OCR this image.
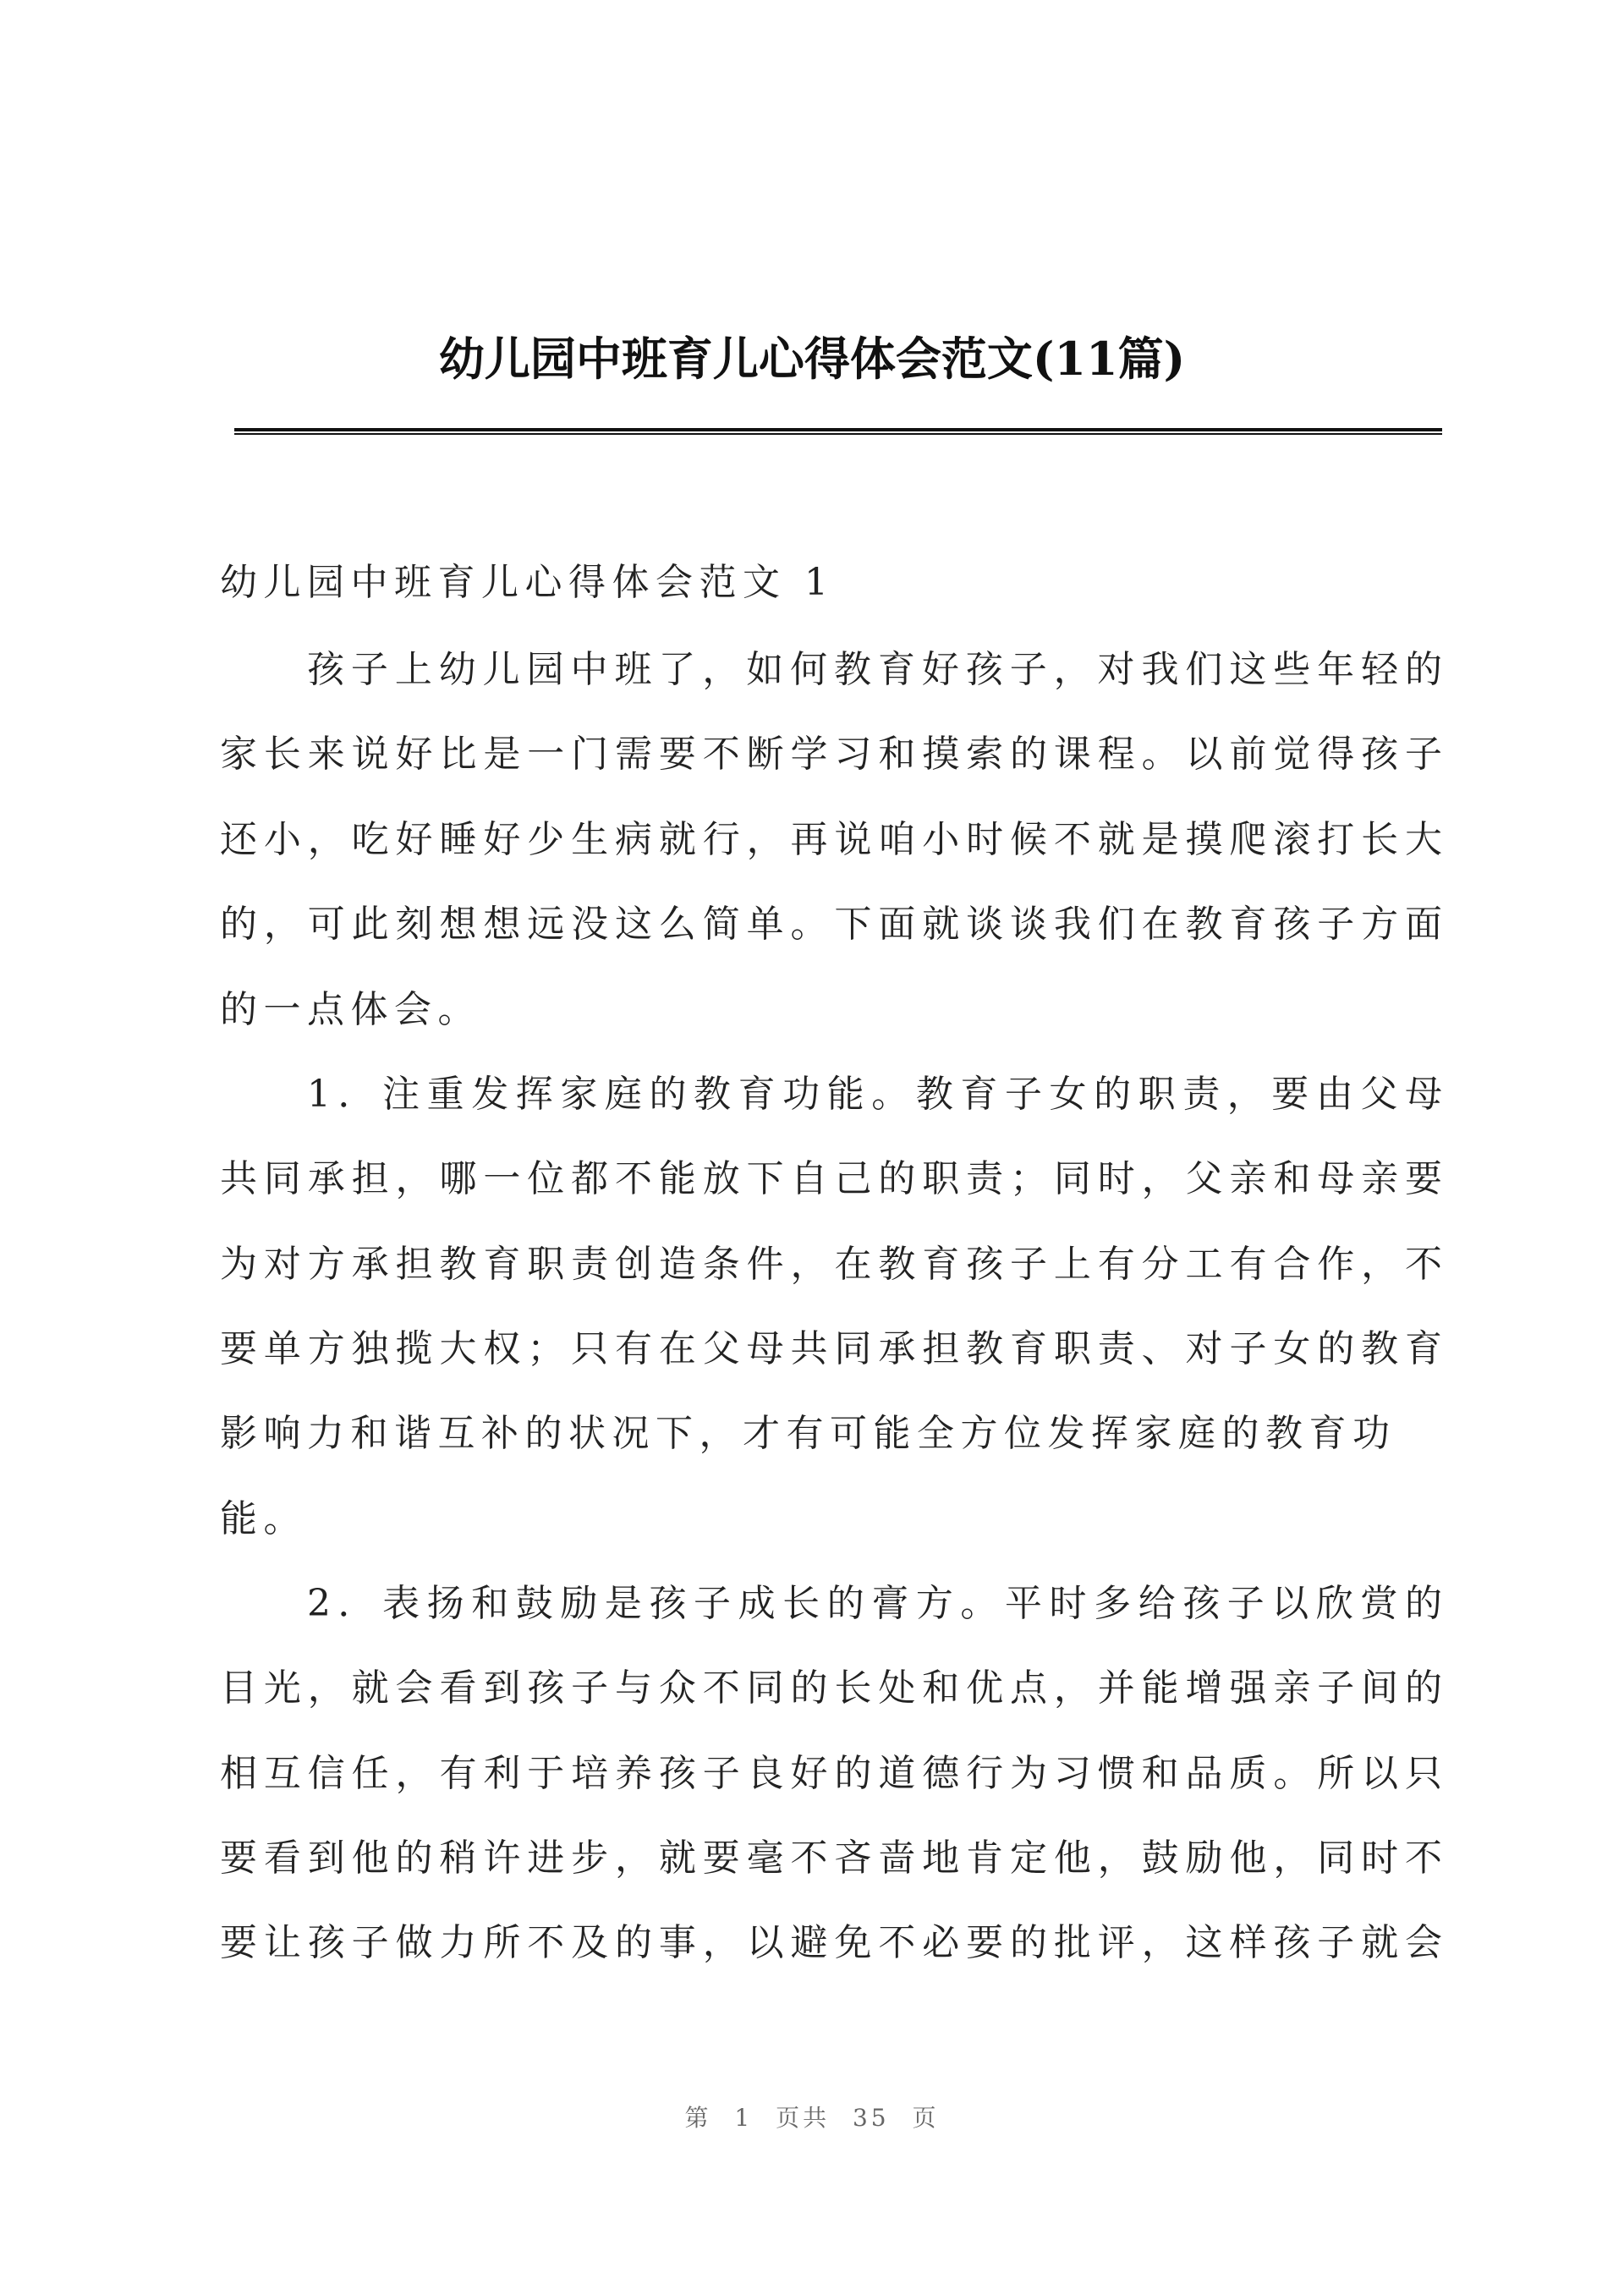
幼儿园中班育儿心得体会范文(11篇)
幼儿园中班育儿心得体会范文 1
孩子上幼儿园中班了，如何教育好孩子，对我们这些年轻的
家长来说好比是一门需要不断学习和摸索的课程。以前觉得孩子
还小，吃好睡好少生病就行，再说咱小时候不就是摸爬滚打长大
的，可此刻想想远没这么简单。下面就谈谈我们在教育孩子方面
的一点体会。
1．注重发挥家庭的教育功能。教育子女的职责，要由父母
共同承担，哪一位都不能放下自己的职责；同时，父亲和母亲要
为对方承担教育职责创造条件，在教育孩子上有分工有合作，不
要单方独揽大权；只有在父母共同承担教育职责、对子女的教育
影响力和谐互补的状况下，才有可能全方位发挥家庭的教育功
能。
2．表扬和鼓励是孩子成长的膏方。平时多给孩子以欣赏的
目光，就会看到孩子与众不同的长处和优点，并能增强亲子间的
相互信任，有利于培养孩子良好的道德行为习惯和品质。所以只
要看到他的稍许进步，就要毫不吝啬地肯定他，鼓励他，同时不
要让孩子做力所不及的事，以避免不必要的批评，这样孩子就会
第 1 页共 35 页
